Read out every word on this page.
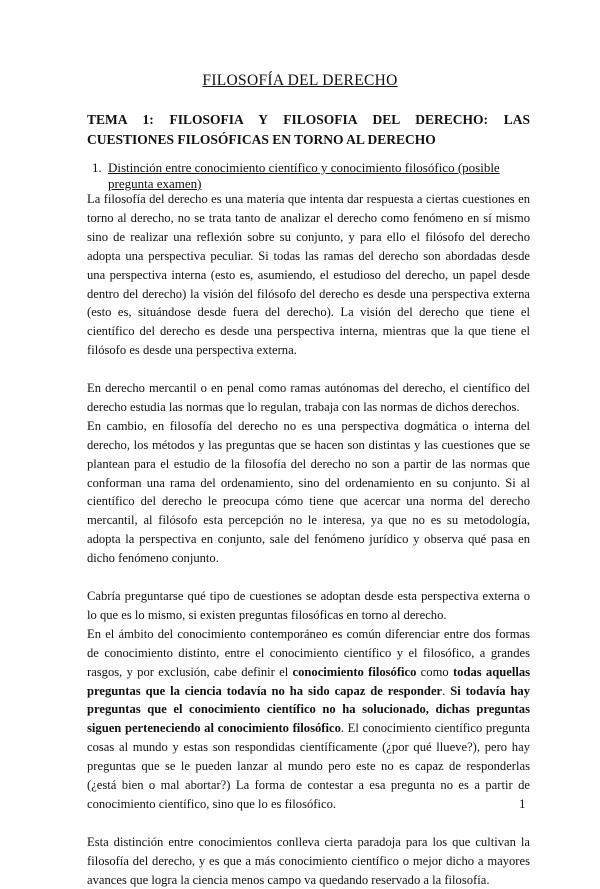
FILOSOFÍA DEL DERECHO
TEMA 1: FILOSOFIA Y FILOSOFIA DEL DERECHO: LAS CUESTIONES FILOSÓFICAS EN TORNO AL DERECHO
1. Distinción entre conocimiento científico y conocimiento filosófico (posible pregunta examen)

La filosofía del derecho es una materia que intenta dar respuesta a ciertas cuestiones en torno al derecho, no se trata tanto de analizar el derecho como fenómeno en sí mismo sino de realizar una reflexión sobre su conjunto, y para ello el filósofo del derecho adopta una perspectiva peculiar. Si todas las ramas del derecho son abordadas desde una perspectiva interna (esto es, asumiendo, el estudioso del derecho, un papel desde dentro del derecho) la visión del filósofo del derecho es desde una perspectiva externa (esto es, situándose desde fuera del derecho). La visión del derecho que tiene el científico del derecho es desde una perspectiva interna, mientras que la que tiene el filósofo es desde una perspectiva externa.

En derecho mercantil o en penal como ramas autónomas del derecho, el científico del derecho estudia las normas que lo regulan, trabaja con las normas de dichos derechos.

En cambio, en filosofía del derecho no es una perspectiva dogmática o interna del derecho, los métodos y las preguntas que se hacen son distintas y las cuestiones que se plantean para el estudio de la filosofía del derecho no son a partir de las normas que conforman una rama del ordenamiento, sino del ordenamiento en su conjunto. Si al científico del derecho le preocupa cómo tiene que acercar una norma del derecho mercantil, al filósofo esta percepción no le interesa, ya que no es su metodología, adopta la perspectiva en conjunto, sale del fenómeno jurídico y observa qué pasa en dicho fenómeno conjunto.

Cabría preguntarse qué tipo de cuestiones se adoptan desde esta perspectiva externa o lo que es lo mismo, si existen preguntas filosóficas en torno al derecho.

En el ámbito del conocimiento contemporáneo es común diferenciar entre dos formas de conocimiento distinto, entre el conocimiento científico y el filosófico, a grandes rasgos, y por exclusión, cabe definir el conocimiento filosófico como todas aquellas preguntas que la ciencia todavía no ha sido capaz de responder. Si todavía hay preguntas que el conocimiento científico no ha solucionado, dichas preguntas siguen perteneciendo al conocimiento filosófico. El conocimiento científico pregunta cosas al mundo y estas son respondidas científicamente (¿por qué llueve?), pero hay preguntas que se le pueden lanzar al mundo pero este no es capaz de responderlas (¿está bien o mal abortar?) La forma de contestar a esa pregunta no es a partir de conocimiento científico, sino que lo es filosófico.

Esta distinción entre conocimientos conlleva cierta paradoja para los que cultivan la filosofía del derecho, y es que a más conocimiento científico o mejor dicho a mayores avances que logra la ciencia menos campo va quedando reservado a la filosofía.

1
